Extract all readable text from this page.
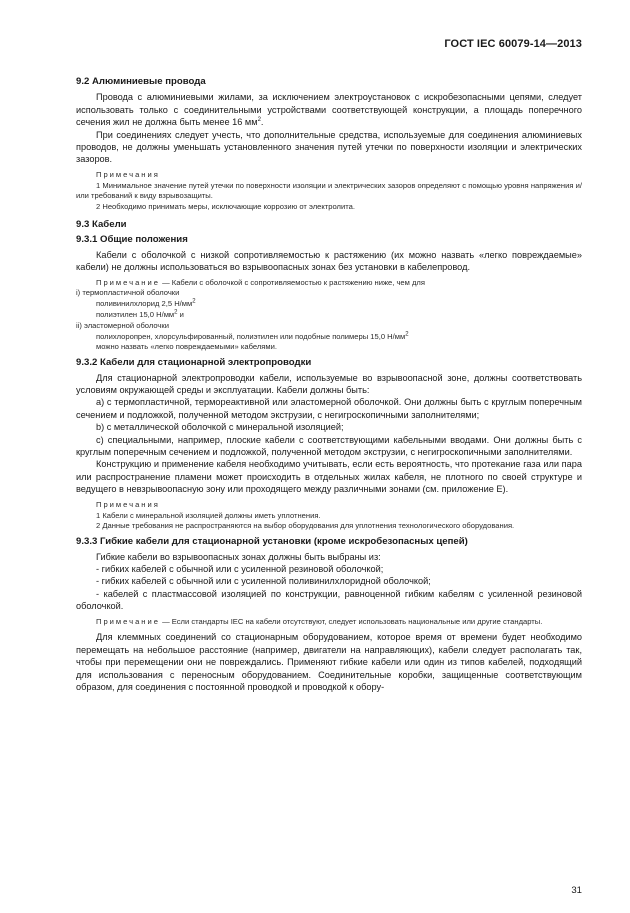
ГОСТ IEC 60079-14—2013
9.2 Алюминиевые провода

Провода с алюминиевыми жилами, за исключением электроустановок с искробезопасными цепями, следует использовать только с соединительными устройствами соответствующей конструкции, а площадь поперечного сечения жил не должна быть менее 16 $мм^2$.

При соединениях следует учесть, что дополнительные средства, используемые для соединения алюминиевых проводов, не должны уменьшать установленного значения путей утечки по поверхности изоляции и электрических зазоров.

Примечания

1 Минимальное значение путей утечки по поверхности изоляции и электрических зазоров определяют с помощью уровня напряжения и/или требований к виду взрывозащиты.

2 Необходимо принимать меры, исключающие коррозию от электролита.

9.3 Кабели
9.3.1 Общие положения

Кабели с оболочкой с низкой сопротивляемостью к растяжению (их можно назвать «легко повреждаемые» кабели) не должны использоваться во взрывоопасных зонах без установки в кабелепровод.

Примечание — Кабели с оболочкой с сопротивляемостью к растяжению ниже, чем для

i) термопластичной оболочки

поливинилхлорид 2,5 $Н/мм^2$

полиэтилен 15,0 $Н/мм^2$ и

ii) эластомерной оболочки

полихлоропрен, хлорсульфированный, полиэтилен или подобные полимеры 15,0 $Н/мм^2$

можно назвать «легко повреждаемыми» кабелями.

9.3.2 Кабели для стационарной электропроводки

Для стационарной электропроводки кабели, используемые во взрывоопасной зоне, должны соответствовать условиям окружающей среды и эксплуатации. Кабели должны быть:

a) с термопластичной, термореактивной или эластомерной оболочкой. Они должны быть с круглым поперечным сечением и подложкой, полученной методом экструзии, с негигроскопичными заполнителями;

b) с металлической оболочкой с минеральной изоляцией;

c) специальными, например, плоские кабели с соответствующими кабельными вводами. Они должны быть с круглым поперечным сечением и подложкой, полученной методом экструзии, с негигроскопичными заполнителями.

Конструкцию и применение кабеля необходимо учитывать, если есть вероятность, что протекание газа или пара или распространение пламени может происходить в отдельных жилах кабеля, не плотного по своей структуре и ведущего в невзрывоопасную зону или проходящего между различными зонами (см. приложение Е).

Примечания

1 Кабели с минеральной изоляцией должны иметь уплотнения.

2 Данные требования не распространяются на выбор оборудования для уплотнения технологического оборудования.

9.3.3 Гибкие кабели для стационарной установки (кроме искробезопасных цепей)

Гибкие кабели во взрывоопасных зонах должны быть выбраны из:

- гибких кабелей с обычной или с усиленной резиновой оболочкой;

- гибких кабелей с обычной или с усиленной поливинилхлоридной оболочкой;

- кабелей с пластмассовой изоляцией по конструкции, равноценной гибким кабелям с усиленной резиновой оболочкой.

Примечание — Если стандарты IEC на кабели отсутствуют, следует использовать национальные или другие стандарты.

Для клеммных соединений со стационарным оборудованием, которое время от времени будет необходимо перемещать на небольшое расстояние (например, двигатели на направляющих), кабели следует располагать так, чтобы при перемещении они не повреждались. Применяют гибкие кабели или один из типов кабелей, подходящий для использования с переносным оборудованием. Соединительные коробки, защищенные соответствующим образом, для соединения с постоянной проводкой и проводкой к обору-

31
